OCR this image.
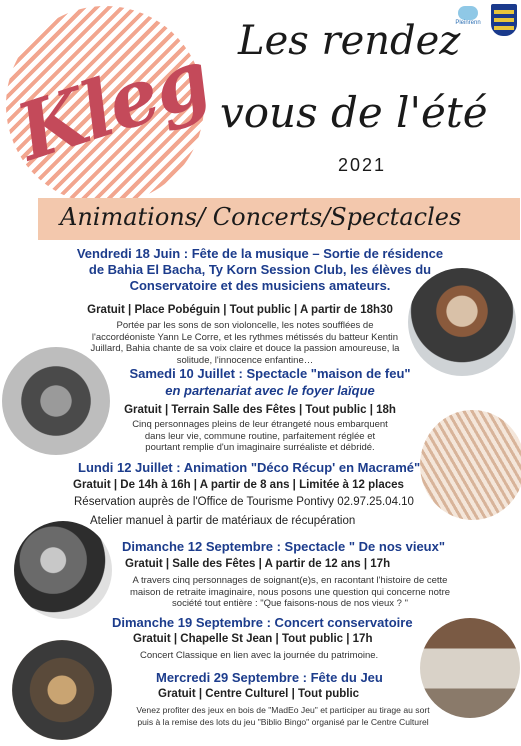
Kleg Les rendez
vous de l'été
2021
Pleinrenn
Animations/ Concerts/Spectacles
Vendredi 18 Juin : Fête de la musique – Sortie de résidence
de Bahia El Bacha, Ty Korn Session Club, les élèves du
Conservatoire et des musiciens amateurs.
Gratuit | Place Pobéguin | Tout public | A partir de 18h30
Portée par les sons de son violoncelle, les notes soufflées de
l'accordéoniste Yann Le Corre, et les rythmes métissés du batteur Kentin
Juillard, Bahia chante de sa voix claire et douce la passion amoureuse, la
solitude, l'innocence enfantine…
Samedi 10 Juillet : Spectacle "maison de feu"
en partenariat avec le foyer laïque
Gratuit | Terrain Salle des Fêtes | Tout public | 18h
Cinq personnages pleins de leur étrangeté nous embarquent
dans leur vie, commune routine, parfaitement réglée et
pourtant remplie d'un imaginaire surréaliste et débridé.
Lundi 12 Juillet : Animation "Déco Récup' en Macramé"
Gratuit | De 14h à 16h | A partir de 8 ans | Limitée à 12 places
Réservation auprès de l'Office de Tourisme Pontivy 02.97.25.04.10
Atelier manuel à partir de matériaux de récupération
Dimanche 12 Septembre : Spectacle " De nos vieux"
Gratuit | Salle des Fêtes | A partir de 12 ans | 17h
A travers cinq personnages de soignant(e)s, en racontant l'histoire de cette
maison de retraite imaginaire, nous posons une question qui concerne notre
société tout entière : "Que faisons-nous de nos vieux ? "
Dimanche 19 Septembre : Concert conservatoire
Gratuit | Chapelle St Jean | Tout public | 17h
Concert Classique en lien avec la journée du patrimoine.
Mercredi 29 Septembre : Fête du Jeu
Gratuit | Centre Culturel | Tout public
Venez profiter des jeux en bois de "MadEo Jeu" et participer au tirage au sort
puis à la remise des lots du jeu "Biblio Bingo" organisé par le Centre Culturel
